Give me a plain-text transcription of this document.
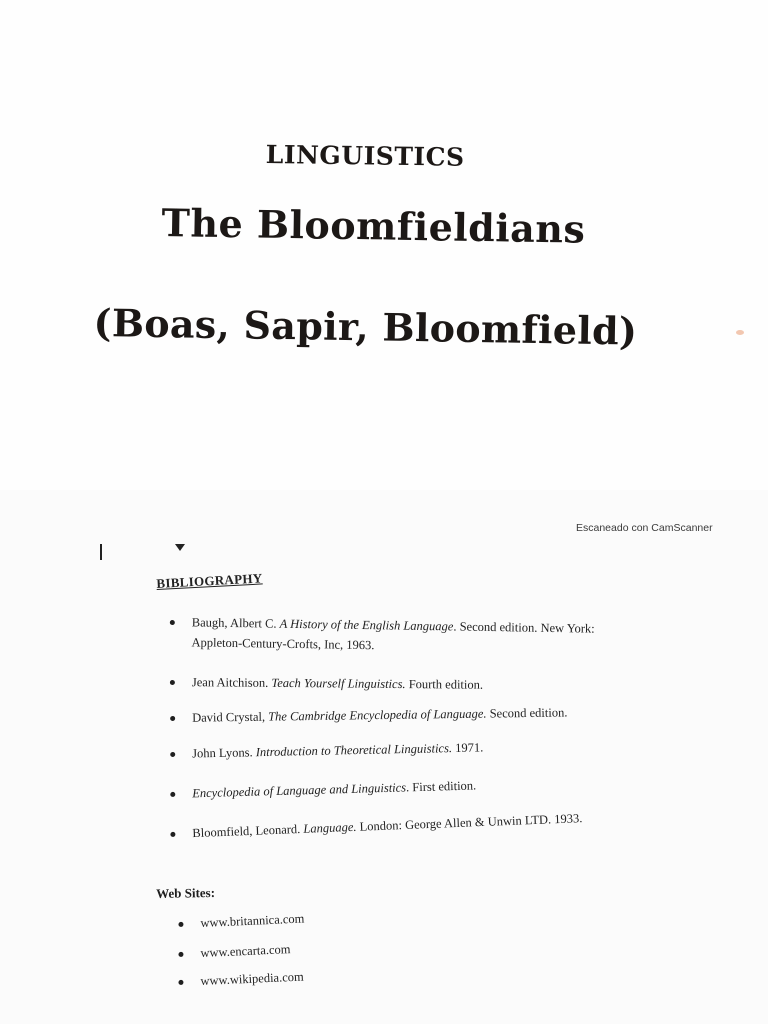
LINGUISTICS
The Bloomfieldians
(Boas, Sapir, Bloomfield)
Escaneado con CamScanner
BIBLIOGRAPHY
Baugh, Albert C. A History of the English Language. Second edition. New York: Appleton-Century-Crofts, Inc, 1963.
Jean Aitchison. Teach Yourself Linguistics. Fourth edition.
David Crystal, The Cambridge Encyclopedia of Language. Second edition.
John Lyons. Introduction to Theoretical Linguistics. 1971.
Encyclopedia of Language and Linguistics. First edition.
Bloomfield, Leonard. Language. London: George Allen & Unwin LTD. 1933.
Web Sites:
www.britannica.com
www.encarta.com
www.wikipedia.com
